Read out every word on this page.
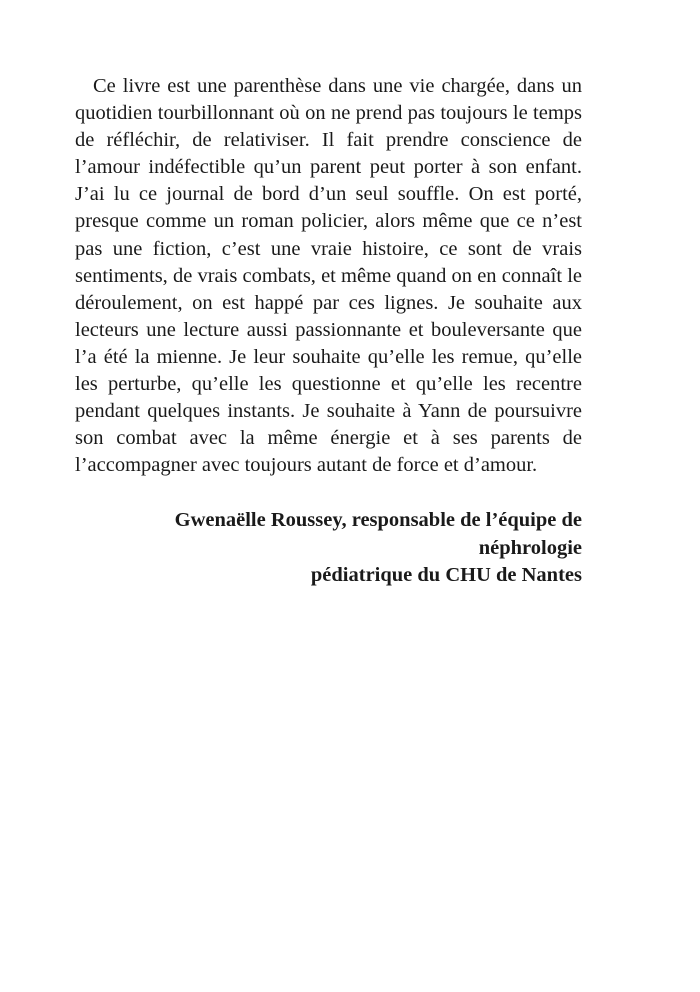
Ce livre est une parenthèse dans une vie chargée, dans un quotidien tourbillonnant où on ne prend pas toujours le temps de réfléchir, de relativiser. Il fait prendre conscience de l’amour indéfectible qu’un parent peut porter à son enfant. J’ai lu ce journal de bord d’un seul souffle. On est porté, presque comme un roman policier, alors même que ce n’est pas une fiction, c’est une vraie histoire, ce sont de vrais sentiments, de vrais combats, et même quand on en connaît le déroulement, on est happé par ces lignes. Je souhaite aux lecteurs une lecture aussi passionnante et bouleversante que l’a été la mienne. Je leur souhaite qu’elle les remue, qu’elle les perturbe, qu’elle les questionne et qu’elle les recentre pendant quelques instants. Je souhaite à Yann de poursuivre son combat avec la même énergie et à ses parents de l’accompagner avec toujours autant de force et d’amour.

Gwenaëlle Roussey, responsable de l’équipe de néphrologie
pédiatrique du CHU de Nantes
